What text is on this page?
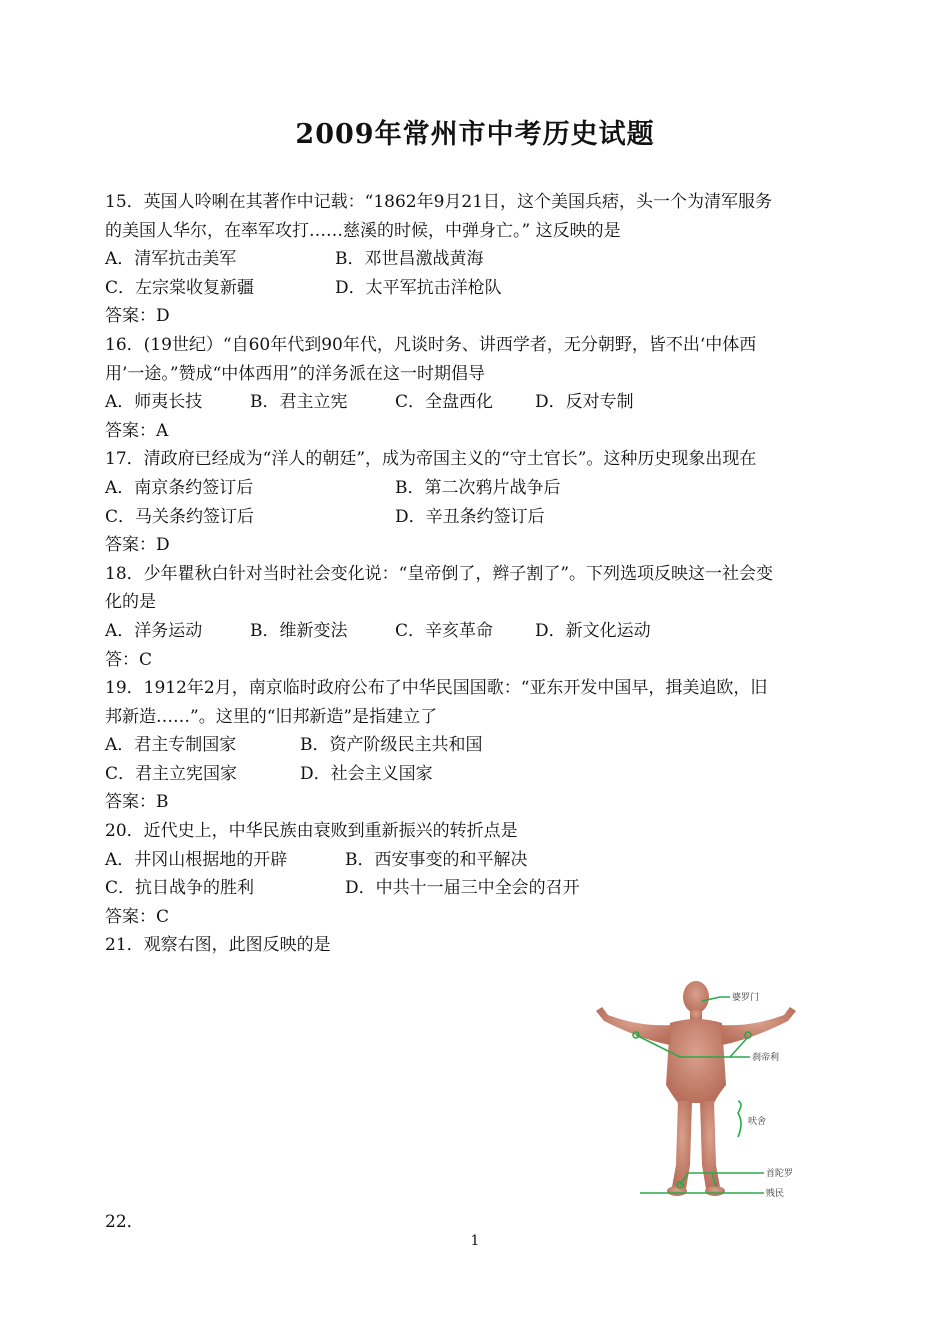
2009年常州市中考历史试题
15．英国人呤唎在其著作中记载：“1862年9月21日，这个美国兵痞，头一个为清军服务
的美国人华尔，在率军攻打……慈溪的时候，中弹身亡。” 这反映的是
A．清军抗击美军	B．邓世昌激战黄海
C．左宗棠收复新疆	D．太平军抗击洋枪队
答案：D
16．(19世纪）“自60年代到90年代，凡谈时务、讲西学者，无分朝野，皆不出‘中体西
用’一途。”赞成“中体西用”的洋务派在这一时期倡导
A．师夷长技	B．君主立宪	C．全盘西化 D．反对专制
答案：A
17．清政府已经成为“洋人的朝廷”，成为帝国主义的“守土官长”。这种历史现象出现在
A．南京条约签订后	B．第二次鸦片战争后
C．马关条约签订后	D．辛丑条约签订后
答案：D
18．少年瞿秋白针对当时社会变化说：“皇帝倒了，辫子割了”。下列选项反映这一社会变
化的是
A．洋务运动	B．维新变法	C．辛亥革命 D．新文化运动
答：C
19．1912年2月，南京临时政府公布了中华民国国歌：“亚东开发中国早，揖美追欧，旧
邦新造……”。这里的“旧邦新造”是指建立了
A．君主专制国家	B．资产阶级民主共和国
C．君主立宪国家	D．社会主义国家
答案：B
20．近代史上，中华民族由衰败到重新振兴的转折点是
A．井冈山根据地的开辟	B．西安事变的和平解决
C．抗日战争的胜利	D．中共十一届三中全会的召开
答案：C
21．观察右图，此图反映的是
婆罗门
刹帝利
吠舍
首陀罗
贱民
22．
1
